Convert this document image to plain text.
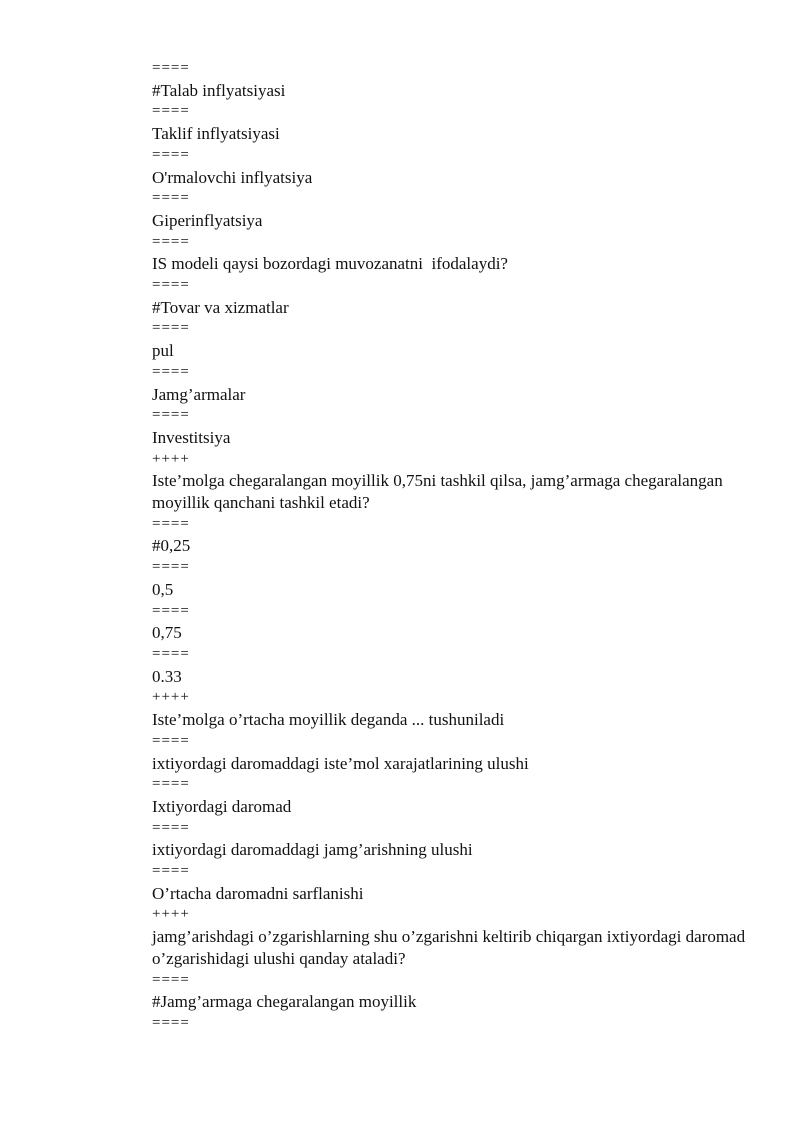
====

#Talab inflyatsiyasi

====

Taklif inflyatsiyasi

====

O'rmalovchi inflyatsiya

====

Giperinflyatsiya

====

IS modeli qaysi bozordagi muvozanatni  ifodalaydi?

====

#Tovar va xizmatlar

====

pul

====

Jamg’armalar

====

Investitsiya

++++

Iste’molga chegaralangan moyillik 0,75ni tashkil qilsa, jamg’armaga chegaralangan moyillik qanchani tashkil etadi?

====

#0,25

====

0,5

====

0,75

====

0.33

++++

Iste’molga o’rtacha moyillik deganda ... tushuniladi

====

ixtiyordagi daromaddagi iste’mol xarajatlarining ulushi

====

Ixtiyordagi daromad

====

ixtiyordagi daromaddagi jamg’arishning ulushi

====

O’rtacha daromadni sarflanishi

++++

jamg’arishdagi o’zgarishlarning shu o’zgarishni keltirib chiqargan ixtiyordagi daromad o’zgarishidagi ulushi qanday ataladi?

====

#Jamg’armaga chegaralangan moyillik

====
